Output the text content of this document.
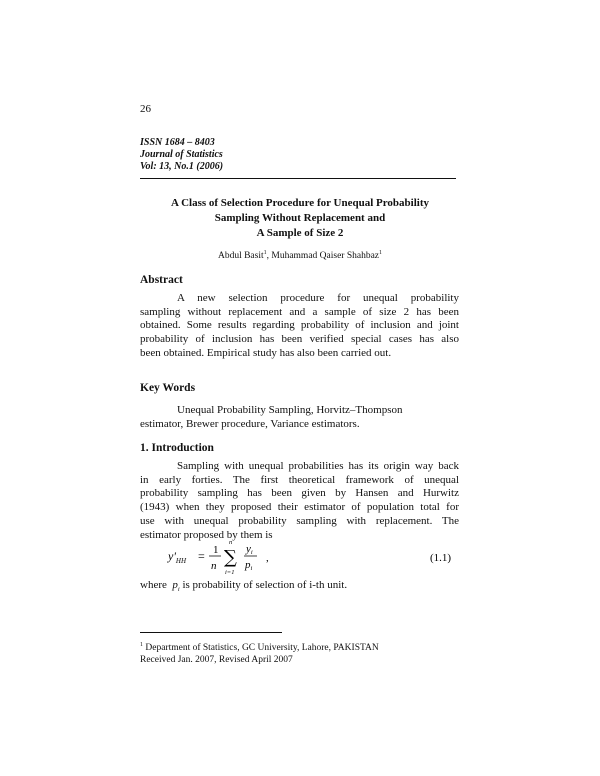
26
ISSN 1684 – 8403
Journal of Statistics
Vol: 13, No.1 (2006)
A Class of Selection Procedure for Unequal Probability
Sampling Without Replacement and
A Sample of Size 2
Abdul Basit$^1$, Muhammad Qaiser Shahbaz$^1$
Abstract
A new selection procedure for unequal probability
sampling without replacement and a sample of size 2 has been
obtained. Some results regarding probability of inclusion and joint
probability of inclusion has been verified special cases has also
been obtained. Empirical study has also been carried out.
Key Words
Unequal Probability Sampling, Horvitz–Thompson
estimator, Brewer procedure, Variance estimators.
1. Introduction
Sampling with unequal probabilities has its origin way back
in early forties. The first theoretical framework of unequal
probability sampling has been given by Hansen and Hurwitz
(1943) when they proposed their estimator of population total for
use with unequal probability sampling with replacement. The
estimator proposed by them is
$y'_{HH} = 1$
n
n
∑
i=1
yi
pi
,	(1.1)
where $p_i$ is probability of selection of i-th unit.
$^1$ Department of Statistics, GC University, Lahore, PAKISTAN
Received Jan. 2007, Revised April 2007
